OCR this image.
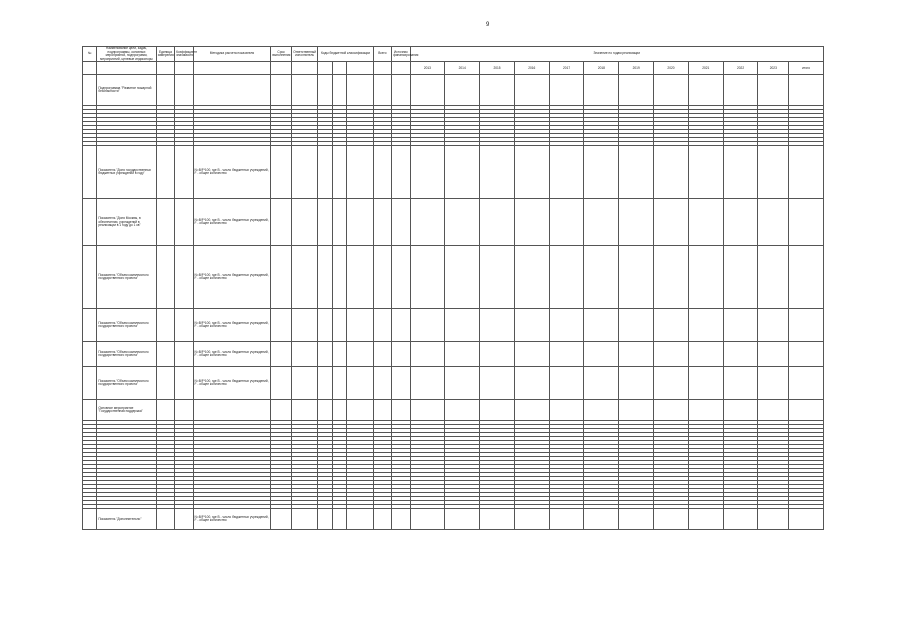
9
№	Наименование цели, задач, подпрограммы, основных мероприятий, подпрограмм, мероприятий, целевые индикаторы	Единица измерения	Коэффициент значимости	Методика расчета показателя	Срок выполнения	Ответственный исполнитель	Коды бюджетной классификации			Всего	Источник финансирования	Значение по годам реализации											
												2013	2014	2015	2016	2017	2018	2019	2020	2021	2022	2023	итого
	Подпрограмма "Развитие пожарной безопасности"																						

	Показатель "Доля государственных бюджетных учреждений в году"			N=B/F*100, где B - число бюджетных учреждений, F - общее количество																			
	Показатель "Доля Москвы, в обеспечении, учреждений в реализации в 1 году до 1 кв"			N=B/F*100, где B - число бюджетных учреждений, F - общее количество																			
	Показатель "Объем комплексного государственного проекта"			N=B/F*100, где B - число бюджетных учреждений, F - общее количество																			
	Показатель "Объем комплексного государственного проекта"			N=B/F*100, где B - число бюджетных учреждений, F - общее количество																			
	Показатель "Объем комплексного государственного проекта"			N=B/F*100, где B - число бюджетных учреждений, F - общее количество																			
	Показатель "Объем комплексного государственного проекта"			N=B/F*100, где B - число бюджетных учреждений, F - общее количество																			
	Основное мероприятие "Государственная поддержка"																						

	Показатель "Дополнительно"			N=B/F*100, где B - число бюджетных учреждений, F - общее количество																			
